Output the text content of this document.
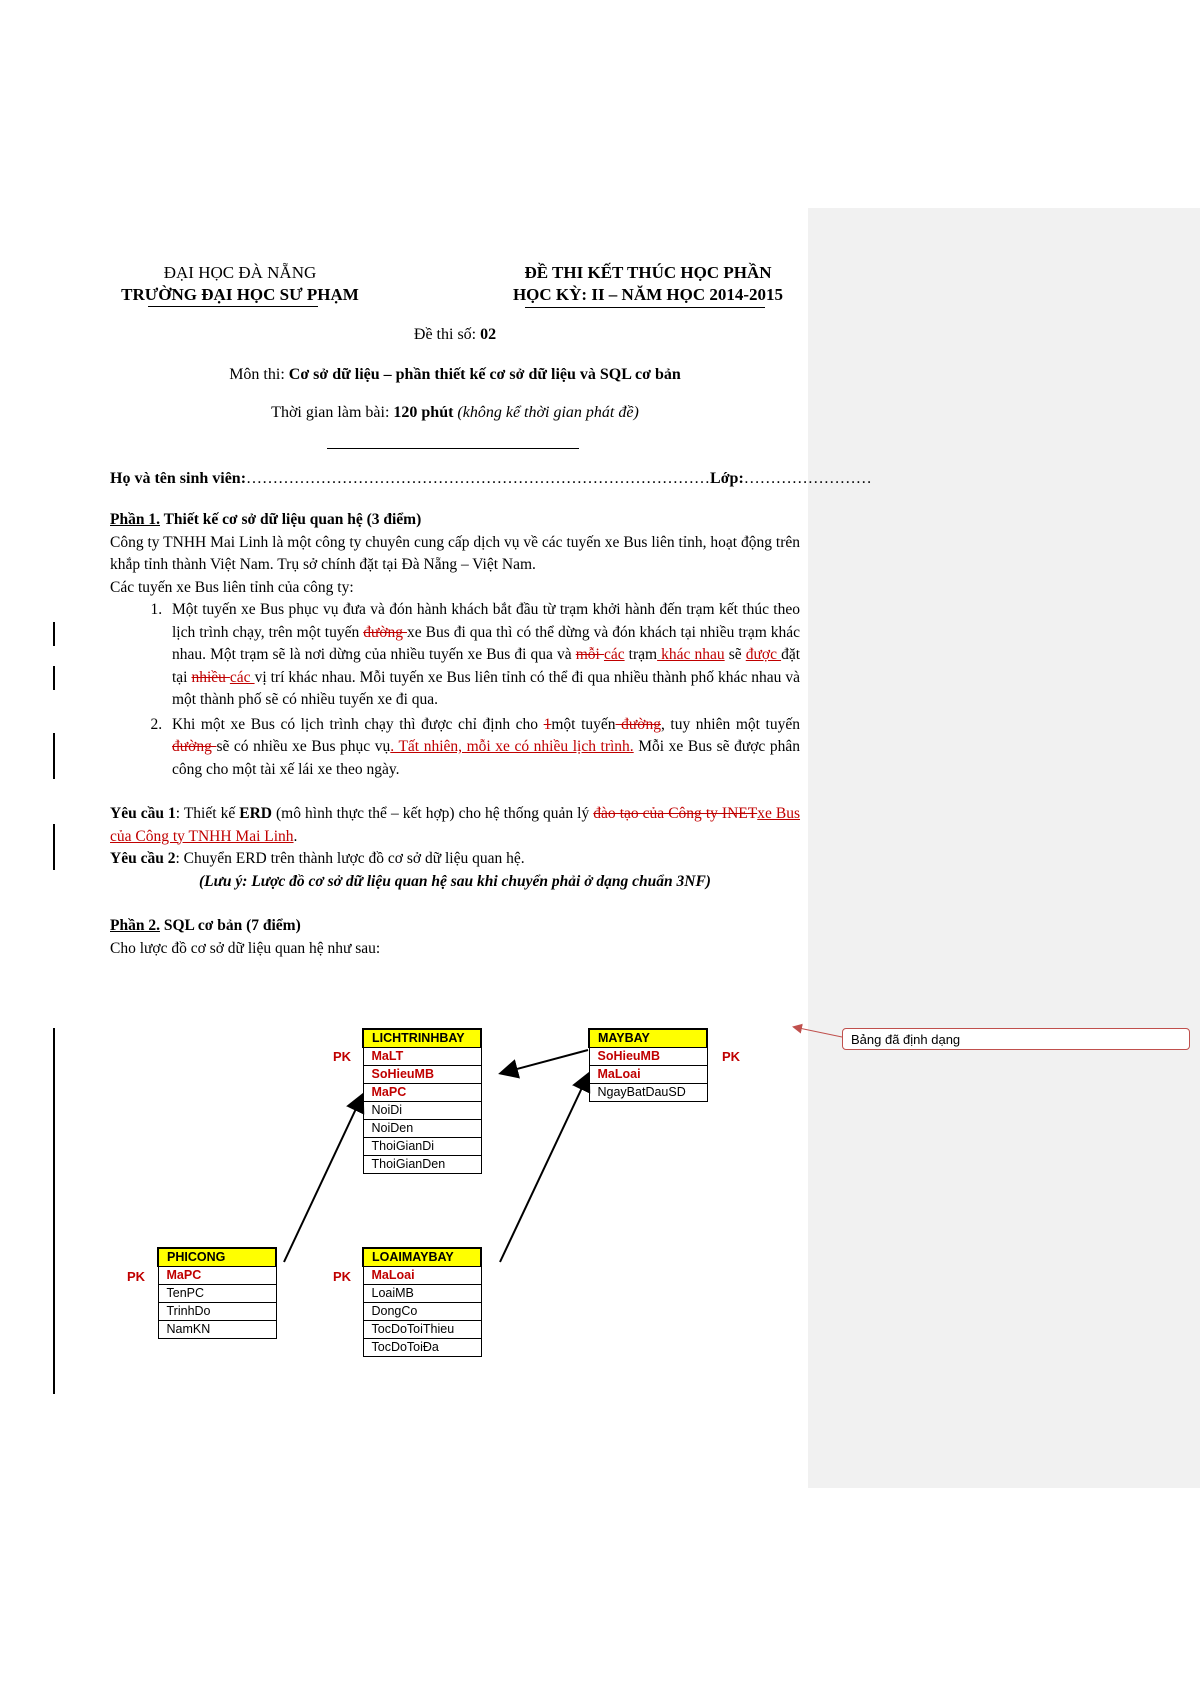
Bảng đã định dạng
ĐẠI HỌC ĐÀ NẴNG
TRƯỜNG ĐẠI HỌC SƯ PHẠM
ĐỀ THI KẾT THÚC HỌC PHẦN
HỌC KỲ: II – NĂM HỌC 2014-2015
Đề thi số: 02
Môn thi: Cơ sở dữ liệu – phần thiết kế cơ sở dữ liệu và SQL cơ bản
Thời gian làm bài: 120 phút (không kể thời gian phát đề)
Họ và tên sinh viên:……………………………………………………………………………Lớp:……………………

Phần 1. Thiết kế cơ sở dữ liệu quan hệ (3 điểm)

Công ty TNHH Mai Linh là một công ty chuyên cung cấp dịch vụ về các tuyến xe Bus liên tỉnh, hoạt động trên khắp tỉnh thành Việt Nam. Trụ sở chính đặt tại Đà Nẵng – Việt Nam.

Các tuyến xe Bus liên tỉnh của công ty:

1. Một tuyến xe Bus phục vụ đưa và đón hành khách bắt đầu từ trạm khởi hành đến trạm kết thúc theo lịch trình chạy, trên một tuyến đường xe Bus đi qua thì có thể dừng và đón khách tại nhiều trạm khác nhau. Một trạm sẽ là nơi dừng của nhiều tuyến xe Bus đi qua và mỗi các trạm khác nhau sẽ được đặt tại nhiều các vị trí khác nhau. Mỗi tuyến xe Bus liên tỉnh có thể đi qua nhiều thành phố khác nhau và một thành phố sẽ có nhiều tuyến xe đi qua.
2. Khi một xe Bus có lịch trình chạy thì được chỉ định cho 1một tuyến đường, tuy nhiên một tuyến đường sẽ có nhiều xe Bus phục vụ. Tất nhiên, mỗi xe có nhiều lịch trình. Mỗi xe Bus sẽ được phân công cho một tài xế lái xe theo ngày.

Yêu cầu 1: Thiết kế ERD (mô hình thực thể – kết hợp) cho hệ thống quản lý đào tạo của Công ty INETxe Bus của Công ty TNHH Mai Linh.

Yêu cầu 2: Chuyển ERD trên thành lược đồ cơ sở dữ liệu quan hệ.

(Lưu ý: Lược đồ cơ sở dữ liệu quan hệ sau khi chuyển phải ở dạng chuẩn 3NF)

Phần 2. SQL cơ bản (7 điểm)

Cho lược đồ cơ sở dữ liệu quan hệ như sau:

LICHTRINHBAY
MaLT
SoHieuMB
MaPC
NoiDi
NoiDen
ThoiGianDi
ThoiGianDen
PK
MAYBAY
SoHieuMB
MaLoai
NgayBatDauSD
PK
PHICONG
MaPC
TenPC
TrinhDo
NamKN
PK
LOAIMAYBAY
MaLoai
LoaiMB
DongCo
TocDoToiThieu
TocDoToiĐa
PK
